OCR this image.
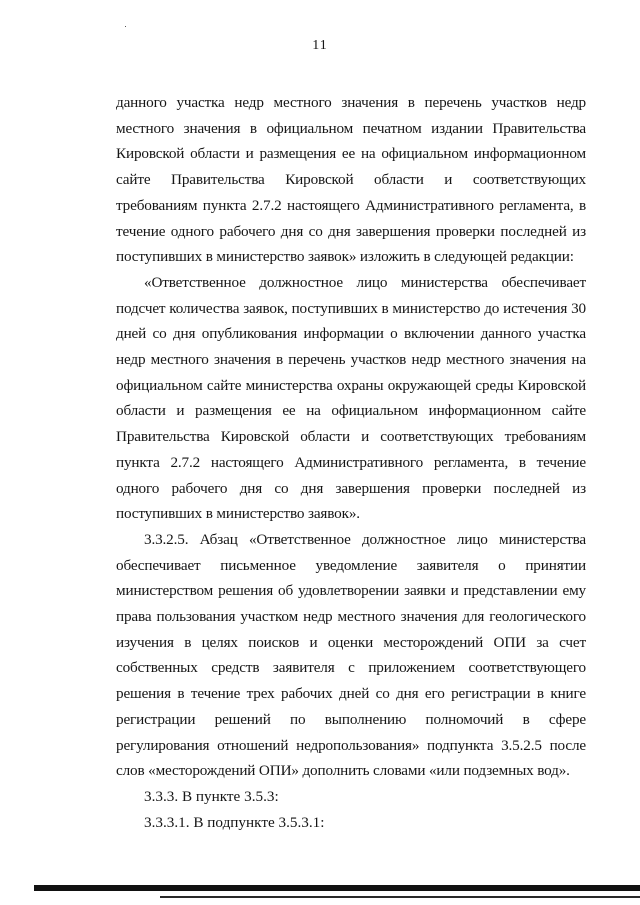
11

данного участка недр местного значения в перечень участков недр местного значения в официальном печатном издании Правительства Кировской области и размещения ее на официальном информационном сайте Правительства Кировской области и соответствующих требованиям пункта 2.7.2 настоящего Административного регламента, в течение одного рабочего дня со дня завершения проверки последней из поступивших в министерство заявок» изложить в следующей редакции:

«Ответственное должностное лицо министерства обеспечивает подсчет количества заявок, поступивших в министерство до истечения 30 дней со дня опубликования информации о включении данного участка недр местного значения в перечень участков недр местного значения на официальном сайте министерства охраны окружающей среды Кировской области и размещения ее на официальном информационном сайте Правительства Кировской области и соответствующих требованиям пункта 2.7.2 настоящего Административного регламента, в течение одного рабочего дня со дня завершения проверки последней из поступивших в министерство заявок».

3.3.2.5. Абзац «Ответственное должностное лицо министерства обеспечивает письменное уведомление заявителя о принятии министерством решения об удовлетворении заявки и представлении ему права пользования участком недр местного значения для геологического изучения в целях поисков и оценки месторождений ОПИ за счет собственных средств заявителя с приложением соответствующего решения в течение трех рабочих дней со дня его регистрации в книге регистрации решений по выполнению полномочий в сфере регулирования отношений недропользования» подпункта 3.5.2.5 после слов «месторождений ОПИ» дополнить словами «или подземных вод».

3.3.3. В пункте 3.5.3:

3.3.3.1. В подпункте 3.5.3.1:
